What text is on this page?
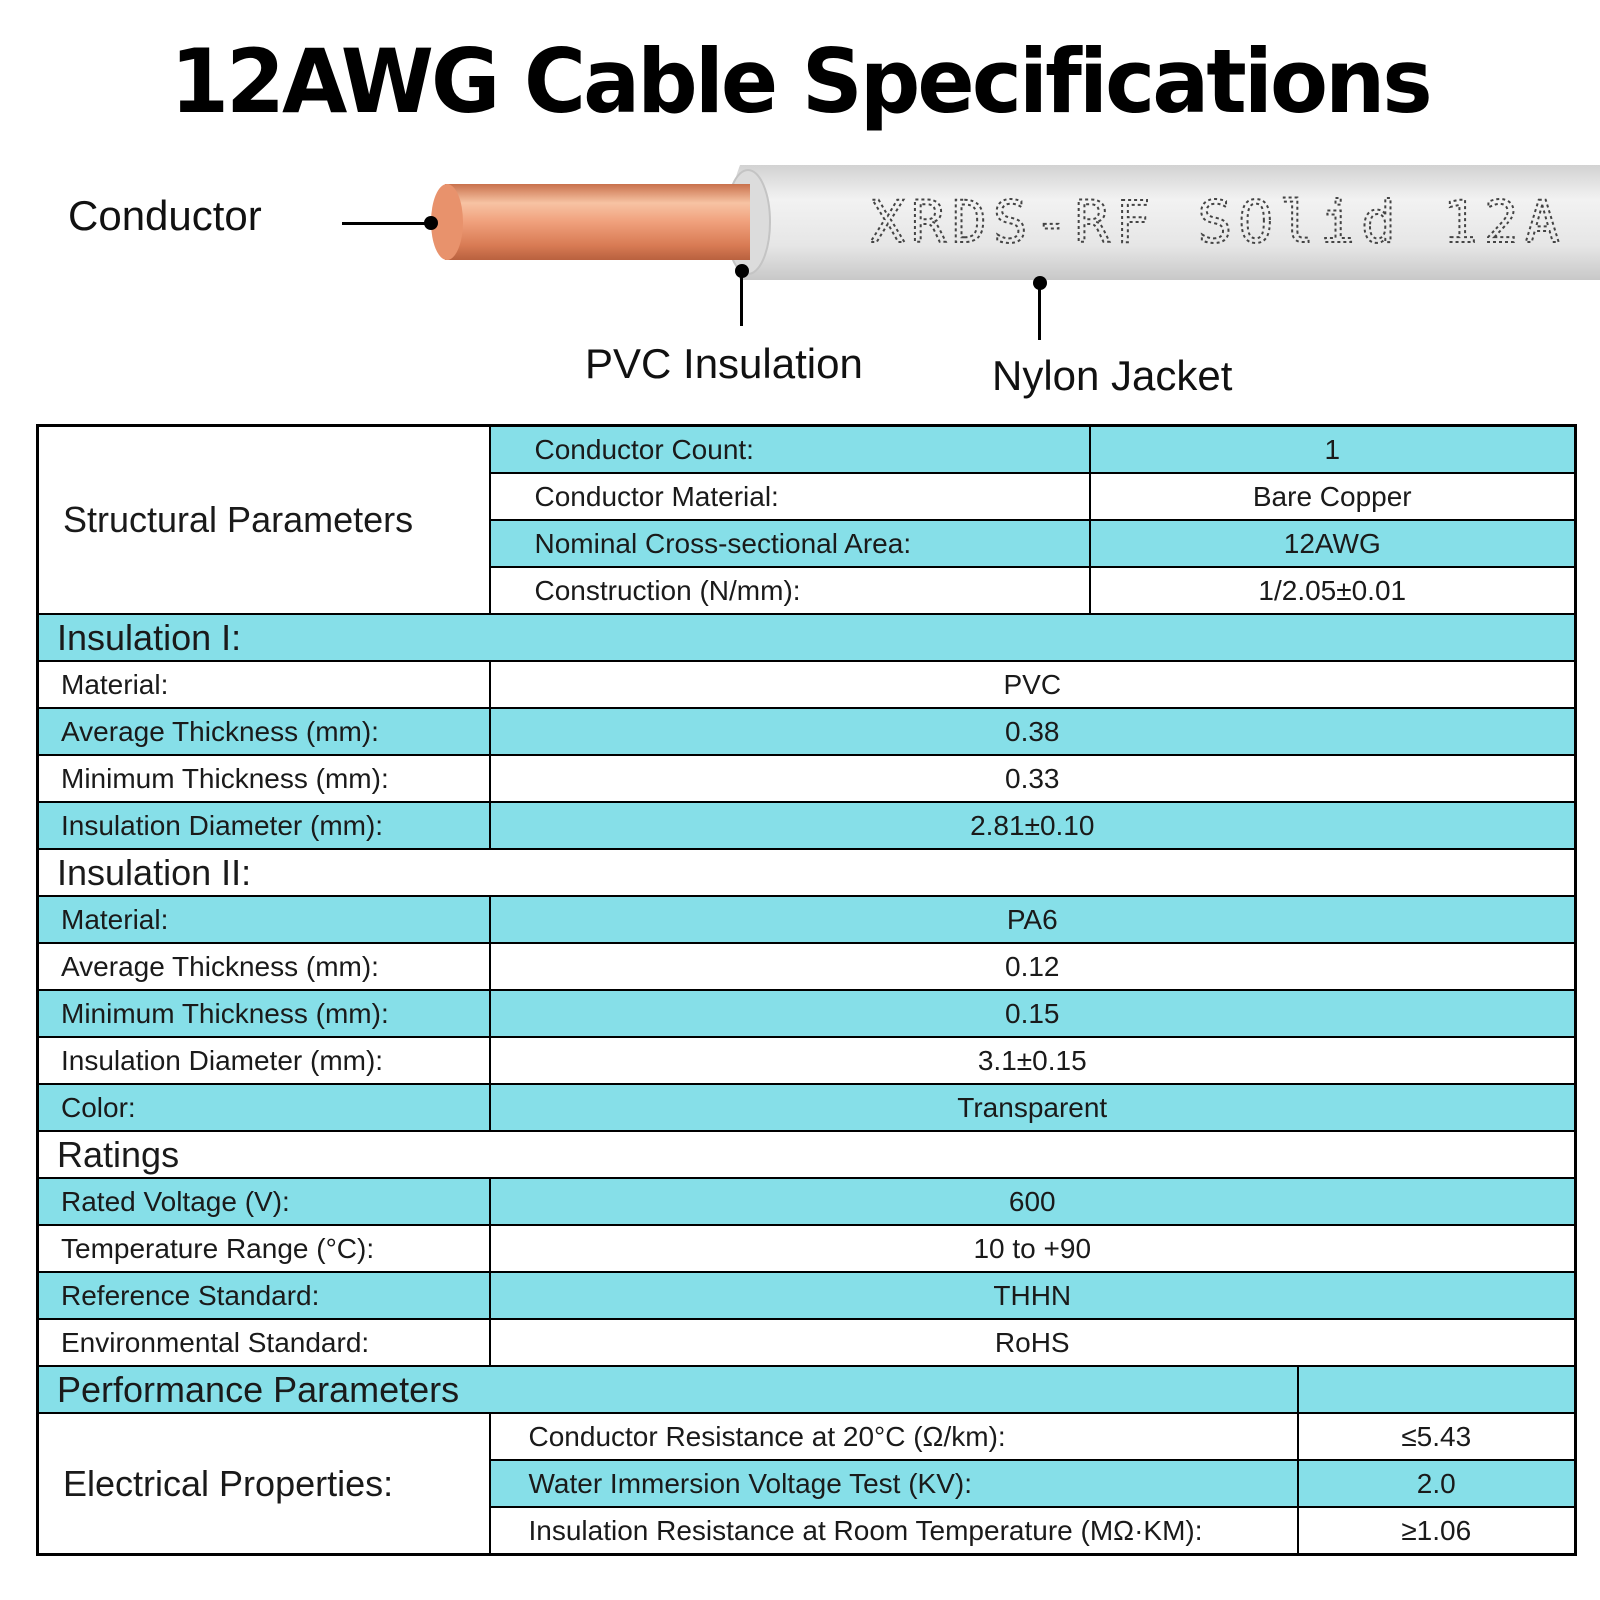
12AWG Cable Specifications
XRDS-RF SOlid 12A
Conductor
PVC Insulation	Nylon Jacket
Structural Parameters	Conductor Count:	1	
	Conductor Material:	Bare Copper	
	Nominal Cross-sectional Area:	12AWG	
	Construction (N/mm):	1/2.05±0.01	
Insulation I:			
Material:	PVC		
Average Thickness (mm):	0.38		
Minimum Thickness (mm):	0.33		
Insulation Diameter (mm):	2.81±0.10		
Insulation II:			
Material:	PA6		
Average Thickness (mm):	0.12		
Minimum Thickness (mm):	0.15		
Insulation Diameter (mm):	3.1±0.15		
Color:	Transparent		
Ratings			
Rated Voltage (V):	600		
Temperature Range (°C):	10 to +90		
Reference Standard:	THHN		
Environmental Standard:	RoHS		
Performance Parameters			
Electrical Properties:	Conductor Resistance at 20°C (Ω/km):		≤5.43
	Water Immersion Voltage Test (KV):		2.0
	Insulation Resistance at Room Temperature (MΩ·KM):		≥1.06
